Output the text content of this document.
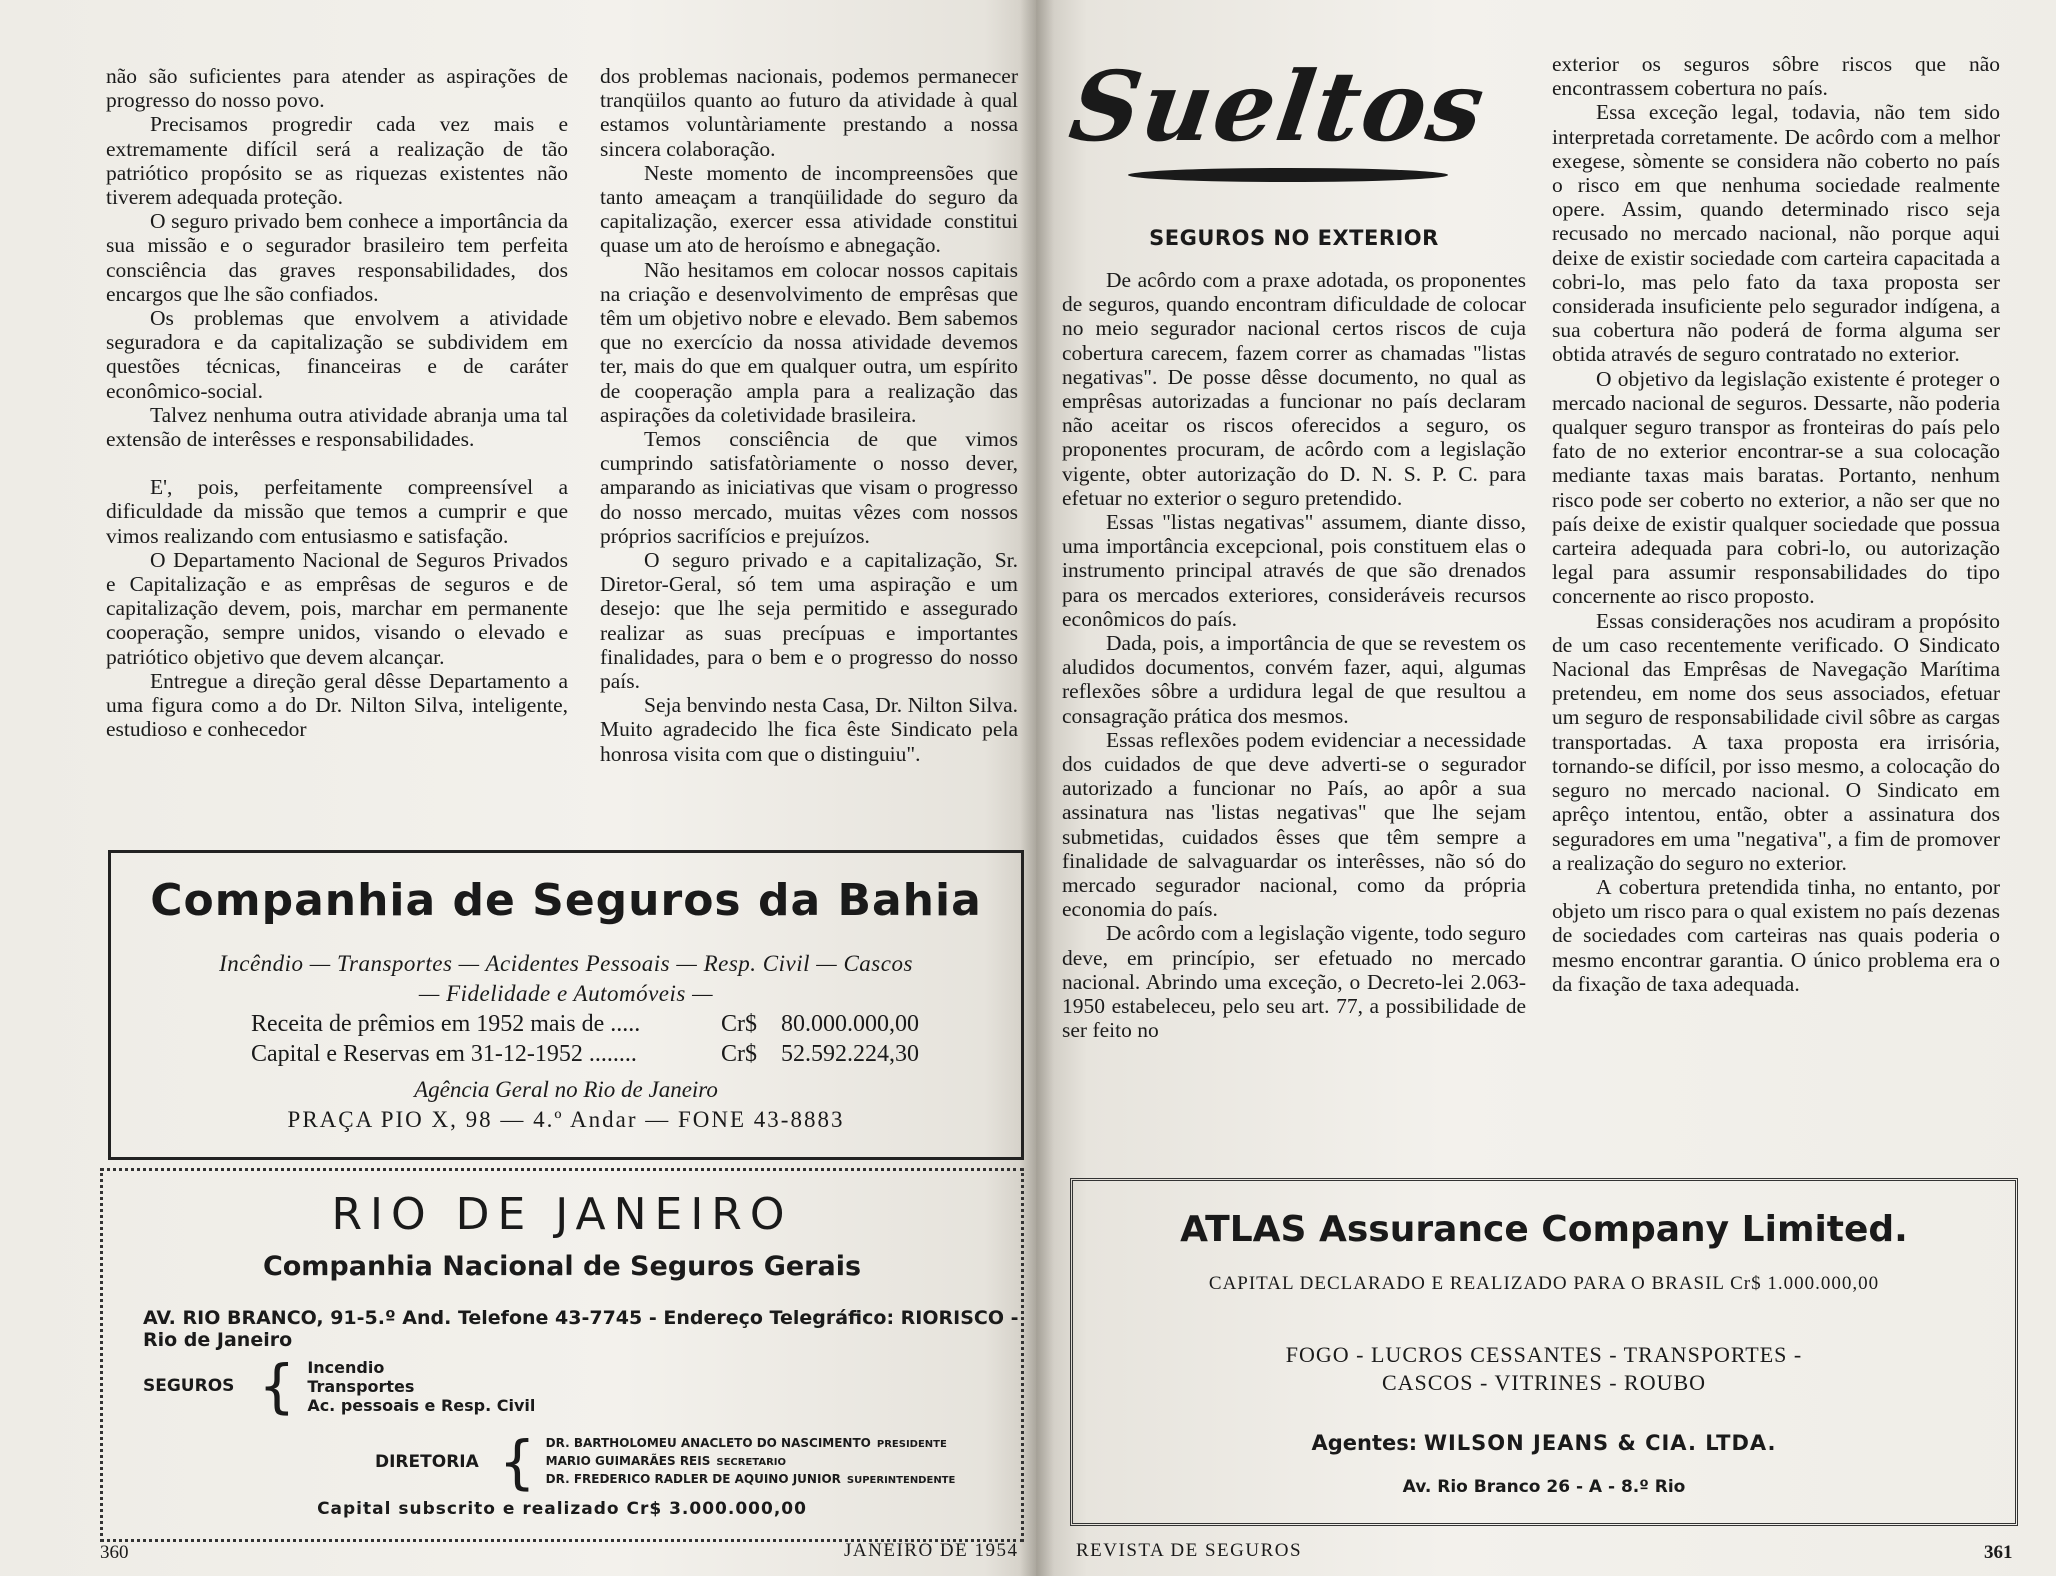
não são suficientes para atender as aspirações de progresso do nosso povo.

Precisamos progredir cada vez mais e extremamente difícil será a realização de tão patriótico propósito se as riquezas existentes não tiverem adequada proteção.

O seguro privado bem conhece a importância da sua missão e o segurador brasileiro tem perfeita consciência das graves responsabilidades, dos encargos que lhe são confiados.

Os problemas que envolvem a atividade seguradora e da capitalização se subdividem em questões técnicas, financeiras e de caráter econômico-social.

Talvez nenhuma outra atividade abranja uma tal extensão de interêsses e responsabilidades.

E', pois, perfeitamente compreensível a dificuldade da missão que temos a cumprir e que vimos realizando com entusiasmo e satisfação.

O Departamento Nacional de Seguros Privados e Capitalização e as emprêsas de seguros e de capitalização devem, pois, marchar em permanente cooperação, sempre unidos, visando o elevado e patriótico objetivo que devem alcançar.

Entregue a direção geral dêsse Departamento a uma figura como a do Dr. Nilton Silva, inteligente, estudioso e conhecedor

dos problemas nacionais, podemos permanecer tranqüilos quanto ao futuro da atividade à qual estamos voluntàriamente prestando a nossa sincera colaboração.

Neste momento de incompreensões que tanto ameaçam a tranqüilidade do seguro da capitalização, exercer essa atividade constitui quase um ato de heroísmo e abnegação.

Não hesitamos em colocar nossos capitais na criação e desenvolvimento de emprêsas que têm um objetivo nobre e elevado. Bem sabemos que no exercício da nossa atividade devemos ter, mais do que em qualquer outra, um espírito de cooperação ampla para a realização das aspirações da coletividade brasileira.

Temos consciência de que vimos cumprindo satisfatòriamente o nosso dever, amparando as iniciativas que visam o progresso do nosso mercado, muitas vêzes com nossos próprios sacrifícios e prejuízos.

O seguro privado e a capitalização, Sr. Diretor-Geral, só tem uma aspiração e um desejo: que lhe seja permitido e assegurado realizar as suas precípuas e importantes finalidades, para o bem e o progresso do nosso país.

Seja benvindo nesta Casa, Dr. Nilton Silva. Muito agradecido lhe fica êste Sindicato pela honrosa visita com que o distinguiu".

Companhia de Seguros da Bahia
Incêndio — Transportes — Acidentes Pessoais — Resp. Civil — Cascos
— Fidelidade e Automóveis —
Receita de prêmios em 1952 mais de .....	Cr$	80.000.000,00
Capital e Reservas em 31-12-1952 ........	Cr$	52.592.224,30
Agência Geral no Rio de Janeiro
PRAÇA PIO X, 98 — 4.º Andar — FONE 43-8883
RIO DE JANEIRO
Companhia Nacional de Seguros Gerais
AV. RIO BRANCO, 91-5.º And. Telefone 43-7745 - Endereço Telegráfico: RIORISCO - Rio de Janeiro
SEGUROS { Incendio
Transportes
Ac. pessoais e Resp. Civil
DIRETORIA { DR. BARTHOLOMEU ANACLETO DO NASCIMENTO PRESIDENTE
MARIO GUIMARÃES REIS SECRETARIO
DR. FREDERICO RADLER DE AQUINO JUNIOR SUPERINTENDENTE
Capital subscrito e realizado Cr$ 3.000.000,00
360	JANEIRO DE 1954
Sueltos
SEGUROS NO EXTERIOR

De acôrdo com a praxe adotada, os proponentes de seguros, quando encontram dificuldade de colocar no meio segurador nacional certos riscos de cuja cobertura carecem, fazem correr as chamadas "listas negativas". De posse dêsse documento, no qual as emprêsas autorizadas a funcionar no país declaram não aceitar os riscos oferecidos a seguro, os proponentes procuram, de acôrdo com a legislação vigente, obter autorização do D. N. S. P. C. para efetuar no exterior o seguro pretendido.

Essas "listas negativas" assumem, diante disso, uma importância excepcional, pois constituem elas o instrumento principal através de que são drenados para os mercados exteriores, consideráveis recursos econômicos do país.

Dada, pois, a importância de que se revestem os aludidos documentos, convém fazer, aqui, algumas reflexões sôbre a urdidura legal de que resultou a consagração prática dos mesmos.

Essas reflexões podem evidenciar a necessidade dos cuidados de que deve adverti-se o segurador autorizado a funcionar no País, ao apôr a sua assinatura nas 'listas negativas" que lhe sejam submetidas, cuidados êsses que têm sempre a finalidade de salvaguardar os interêsses, não só do mercado segurador nacional, como da própria economia do país.

De acôrdo com a legislação vigente, todo seguro deve, em princípio, ser efetuado no mercado nacional. Abrindo uma exceção, o Decreto-lei 2.063-1950 estabeleceu, pelo seu art. 77, a possibilidade de ser feito no

exterior os seguros sôbre riscos que não encontrassem cobertura no país.

Essa exceção legal, todavia, não tem sido interpretada corretamente. De acôrdo com a melhor exegese, sòmente se considera não coberto no país o risco em que nenhuma sociedade realmente opere. Assim, quando determinado risco seja recusado no mercado nacional, não porque aqui deixe de existir sociedade com carteira capacitada a cobri-lo, mas pelo fato da taxa proposta ser considerada insuficiente pelo segurador indígena, a sua cobertura não poderá de forma alguma ser obtida através de seguro contratado no exterior.

O objetivo da legislação existente é proteger o mercado nacional de seguros. Dessarte, não poderia qualquer seguro transpor as fronteiras do país pelo fato de no exterior encontrar-se a sua colocação mediante taxas mais baratas. Portanto, nenhum risco pode ser coberto no exterior, a não ser que no país deixe de existir qualquer sociedade que possua carteira adequada para cobri-lo, ou autorização legal para assumir responsabilidades do tipo concernente ao risco proposto.

Essas considerações nos acudiram a propósito de um caso recentemente verificado. O Sindicato Nacional das Emprêsas de Navegação Marítima pretendeu, em nome dos seus associados, efetuar um seguro de responsabilidade civil sôbre as cargas transportadas. A taxa proposta era irrisória, tornando-se difícil, por isso mesmo, a colocação do seguro no mercado nacional. O Sindicato em aprêço intentou, então, obter a assinatura dos seguradores em uma "negativa", a fim de promover a realização do seguro no exterior.

A cobertura pretendida tinha, no entanto, por objeto um risco para o qual existem no país dezenas de sociedades com carteiras nas quais poderia o mesmo encontrar garantia. O único problema era o da fixação de taxa adequada.

ATLAS Assurance Company Limited.
CAPITAL DECLARADO E REALIZADO PARA O BRASIL Cr$ 1.000.000,00
FOGO - LUCROS CESSANTES - TRANSPORTES -
CASCOS - VITRINES - ROUBO
Agentes: WILSON JEANS & CIA. LTDA.
Av. Rio Branco 26 - A - 8.º Rio
REVISTA DE SEGUROS	361
